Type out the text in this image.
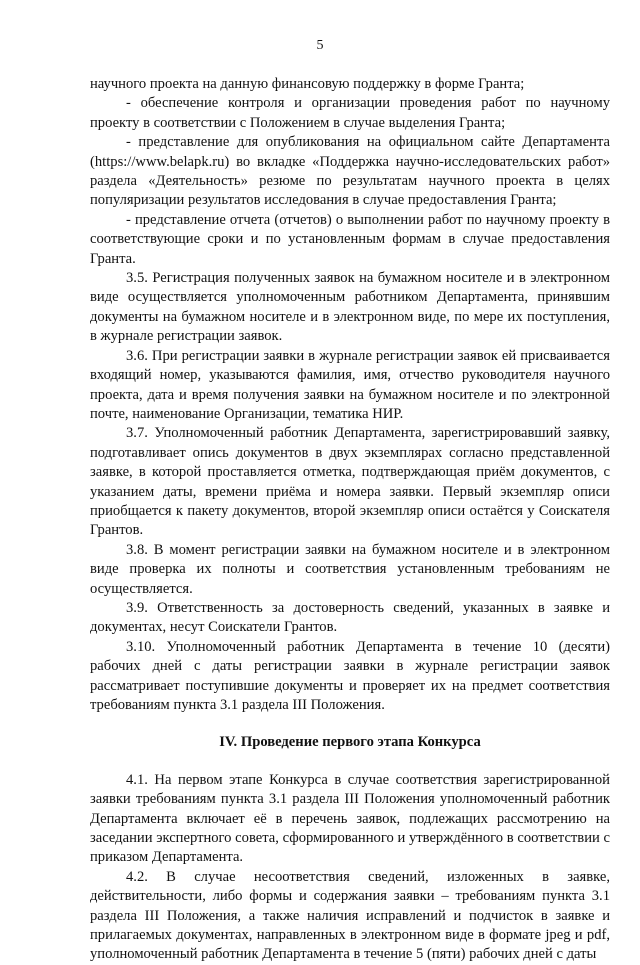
5

научного проекта на данную финансовую поддержку в форме Гранта;

- обеспечение контроля и организации проведения работ по научному проекту в соответствии с Положением в случае выделения Гранта;

- представление для опубликования на официальном сайте Департамента (https://www.belapk.ru) во вкладке «Поддержка научно-исследовательских работ» раздела «Деятельность» резюме по результатам научного проекта в целях популяризации результатов исследования в случае предоставления Гранта;

- представление отчета (отчетов) о выполнении работ по научному проекту в соответствующие сроки и по установленным формам в случае предоставления Гранта.

3.5. Регистрация полученных заявок на бумажном носителе и в электронном виде осуществляется уполномоченным работником Департамента, принявшим документы на бумажном носителе и в электронном виде, по мере их поступления, в журнале регистрации заявок.

3.6. При регистрации заявки в журнале регистрации заявок ей присваивается входящий номер, указываются фамилия, имя, отчество руководителя научного проекта, дата и время получения заявки на бумажном носителе и по электронной почте, наименование Организации, тематика НИР.

3.7. Уполномоченный работник Департамента, зарегистрировавший заявку, подготавливает опись документов в двух экземплярах согласно представленной заявке, в которой проставляется отметка, подтверждающая приём документов, с указанием даты, времени приёма и номера заявки. Первый экземпляр описи приобщается к пакету документов, второй экземпляр описи остаётся у Соискателя Грантов.

3.8. В момент регистрации заявки на бумажном носителе и в электронном виде проверка их полноты и соответствия установленным требованиям не осуществляется.

3.9. Ответственность за достоверность сведений, указанных в заявке и документах, несут Соискатели Грантов.

3.10. Уполномоченный работник Департамента в течение 10 (десяти) рабочих дней с даты регистрации заявки в журнале регистрации заявок рассматривает поступившие документы и проверяет их на предмет соответствия требованиям пункта 3.1 раздела III Положения.

IV. Проведение первого этапа Конкурса

4.1. На первом этапе Конкурса в случае соответствия зарегистрированной заявки требованиям пункта 3.1 раздела III Положения уполномоченный работник Департамента включает её в перечень заявок, подлежащих рассмотрению на заседании экспертного совета, сформированного и утверждённого в соответствии с приказом Департамента.

4.2. В случае несоответствия сведений, изложенных в заявке, действительности, либо формы и содержания заявки – требованиям пункта 3.1 раздела III Положения, а также наличия исправлений и подчисток в заявке и прилагаемых документах, направленных в электронном виде в формате jpeg и pdf, уполномоченный работник Департамента в течение 5 (пяти) рабочих дней с даты
